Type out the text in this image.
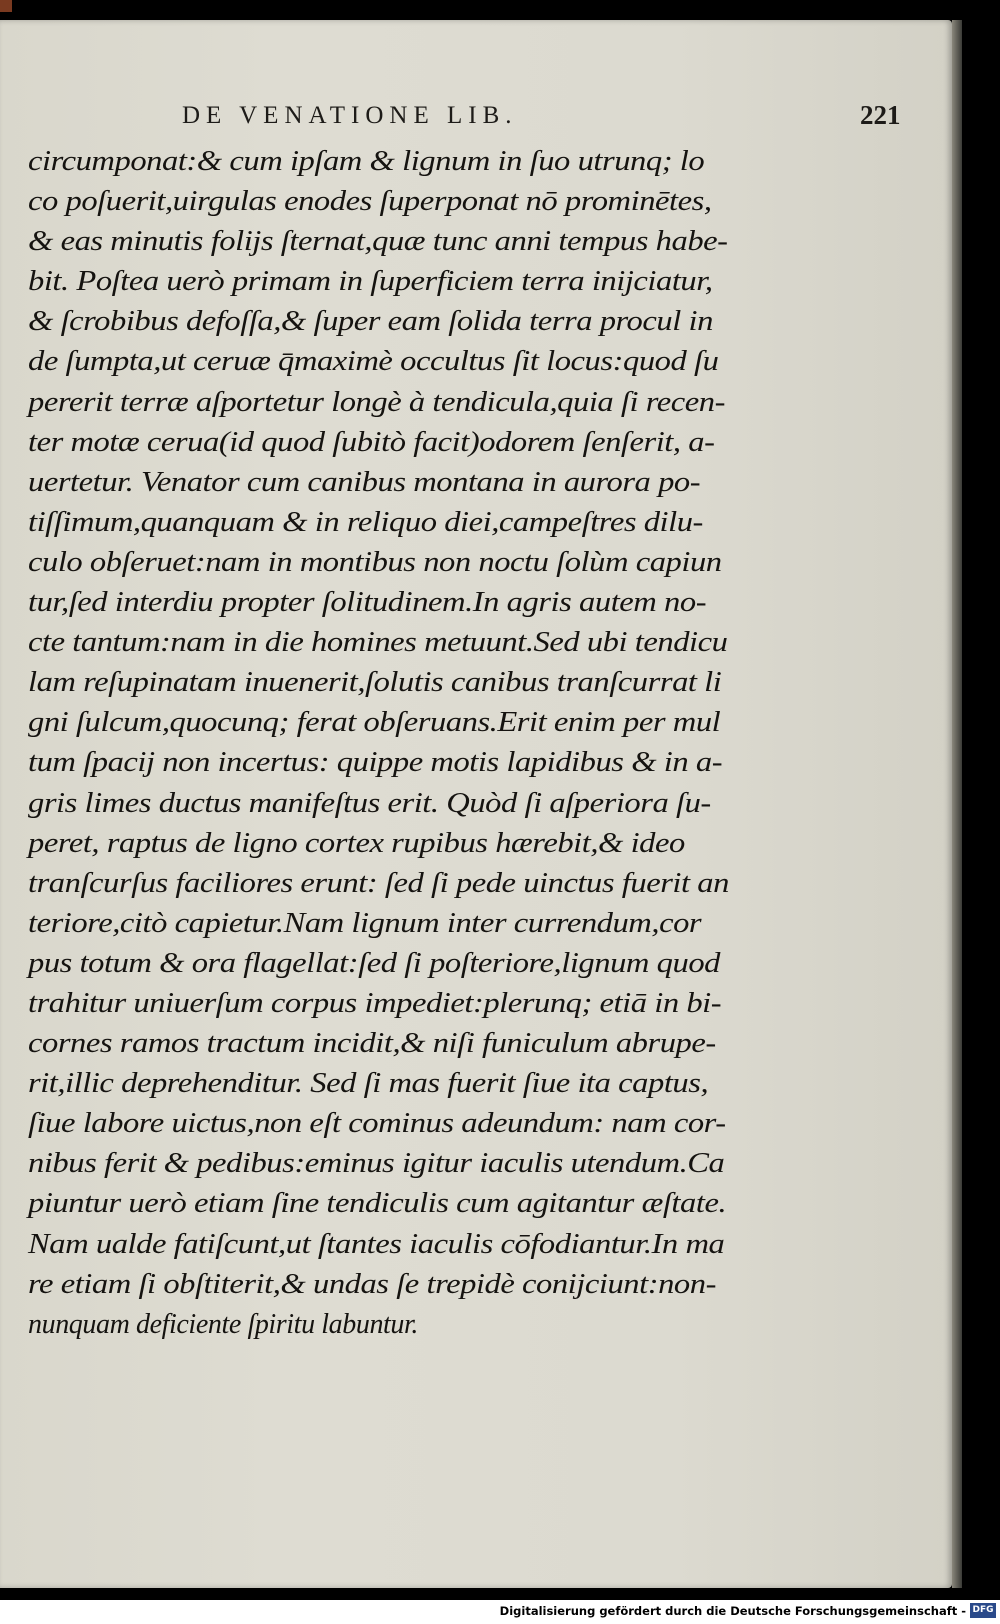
DE VENATIONE LIB.	221
circumponat:& cum ipſam & lignum in ſuo utrunq; lo
co poſuerit,uirgulas enodes ſuperponat nō prominētes,
& eas minutis folijs ſternat,quæ tunc anni tempus habe-
bit. Poſtea uerò primam in ſuperficiem terra inijciatur,
& ſcrobibus defoſſa,& ſuper eam ſolida terra procul in
de ſumpta,ut ceruæ q̄maximè occultus ſit locus:quod ſu
pererit terræ aſportetur longè à tendicula,quia ſi recen-
ter motæ cerua(id quod ſubitò facit)odorem ſenſerit, a-
uertetur. Venator cum canibus montana in aurora po-
tiſſimum,quanquam & in reliquo diei,campeſtres dilu-
culo obſeruet:nam in montibus non noctu ſolùm capiun
tur,ſed interdiu propter ſolitudinem.In agris autem no-
cte tantum:nam in die homines metuunt.Sed ubi tendicu
lam reſupinatam inuenerit,ſolutis canibus tranſcurrat li
gni ſulcum,quocunq; ferat obſeruans.Erit enim per mul
tum ſpacij non incertus: quippe motis lapidibus & in a-
gris limes ductus manifeſtus erit. Quòd ſi aſperiora ſu-
peret, raptus de ligno cortex rupibus hærebit,& ideo
tranſcurſus faciliores erunt: ſed ſi pede uinctus fuerit an
teriore,citò capietur.Nam lignum inter currendum,cor
pus totum & ora flagellat:ſed ſi poſteriore,lignum quod
trahitur uniuerſum corpus impediet:plerunq; etiā in bi-
cornes ramos tractum incidit,& niſi funiculum abrupe-
rit,illic deprehenditur. Sed ſi mas fuerit ſiue ita captus,
ſiue labore uictus,non eſt cominus adeundum: nam cor-
nibus ferit & pedibus:eminus igitur iaculis utendum.Ca
piuntur uerò etiam ſine tendiculis cum agitantur æſtate.
Nam ualde fatiſcunt,ut ſtantes iaculis cōfodiantur.In ma
re etiam ſi obſtiterit,& undas ſe trepidè conijciunt:non-
nunquam deficiente ſpiritu labuntur.
Digitalisierung gefördert durch die Deutsche Forschungsgemeinschaft - DFG
